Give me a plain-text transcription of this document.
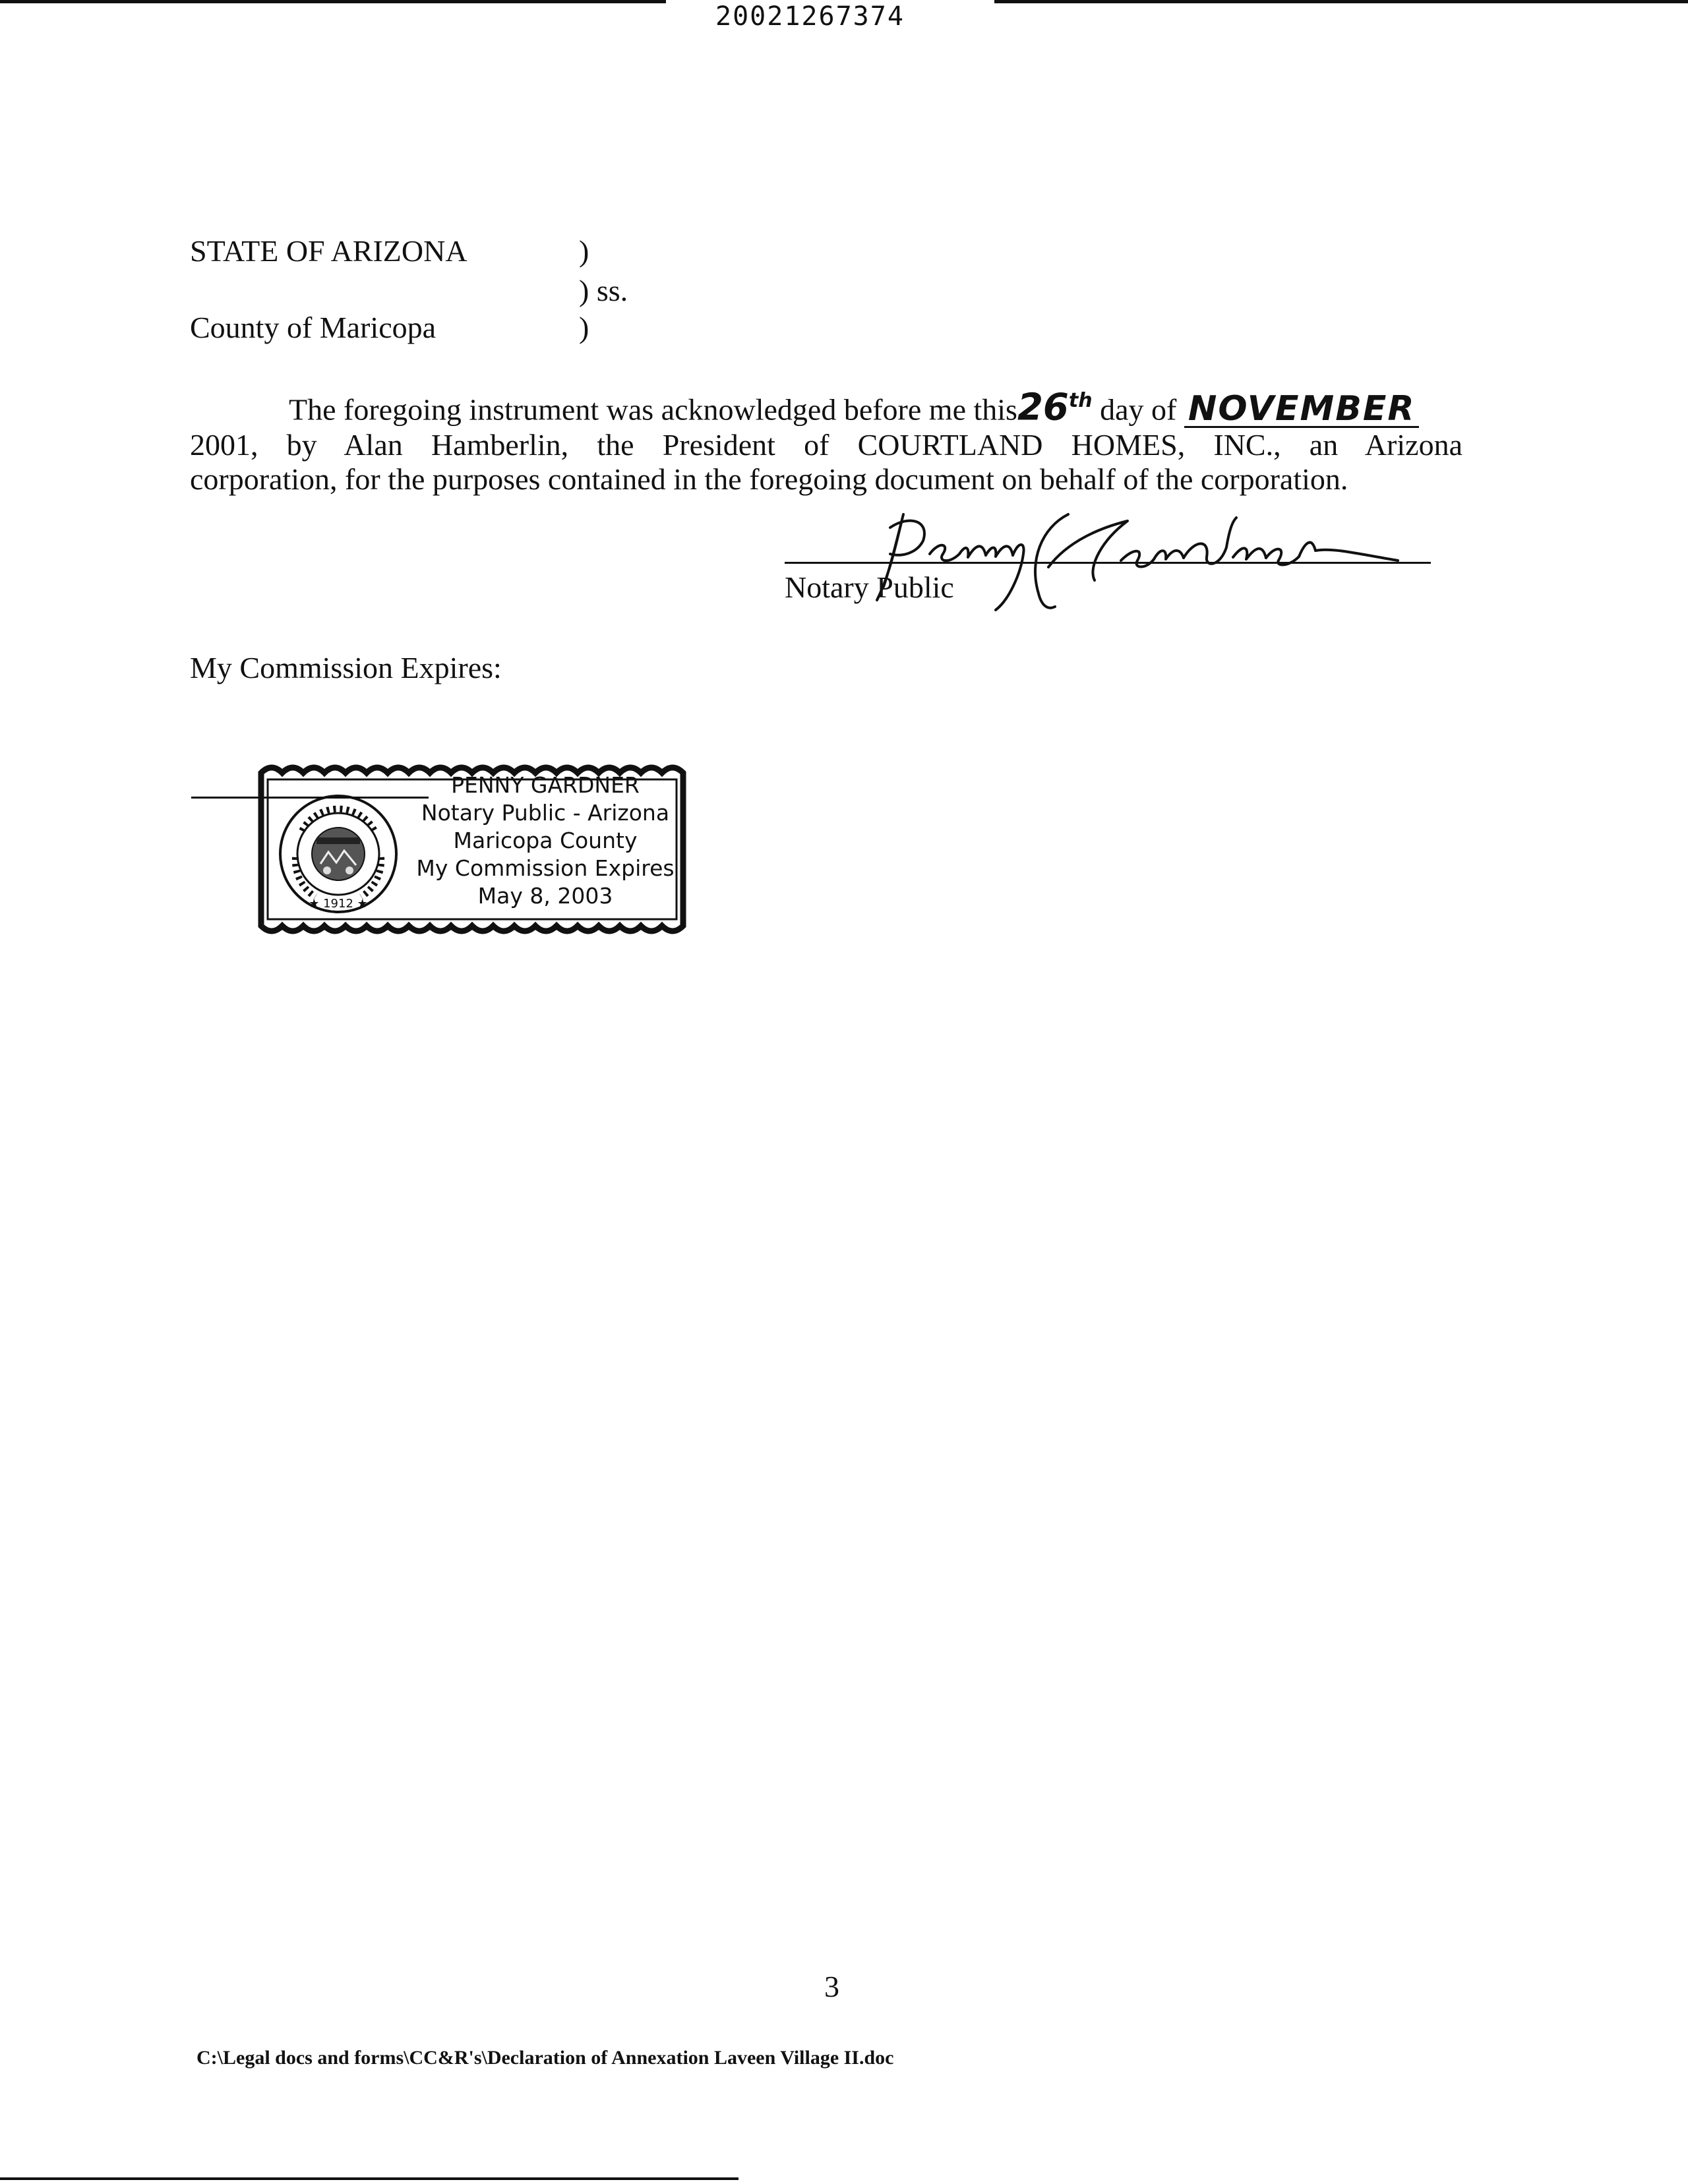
20021267374
STATE OF ARIZONA	)
) ss.
County of Maricopa	)
The foregoing instrument was acknowledged before me this26th day of NOVEMBER
2001, by Alan Hamberlin, the President of COURTLAND HOMES, INC., an Arizona
corporation, for the purposes contained in the foregoing document on behalf of the corporation.
Notary Public
My Commission Expires:
★ 1912 ★
PENNY GARDNER
Notary Public - Arizona
Maricopa County
My Commission Expires
May 8, 2003
3
C:\Legal docs and forms\CC&R's\Declaration of Annexation Laveen Village II.doc
